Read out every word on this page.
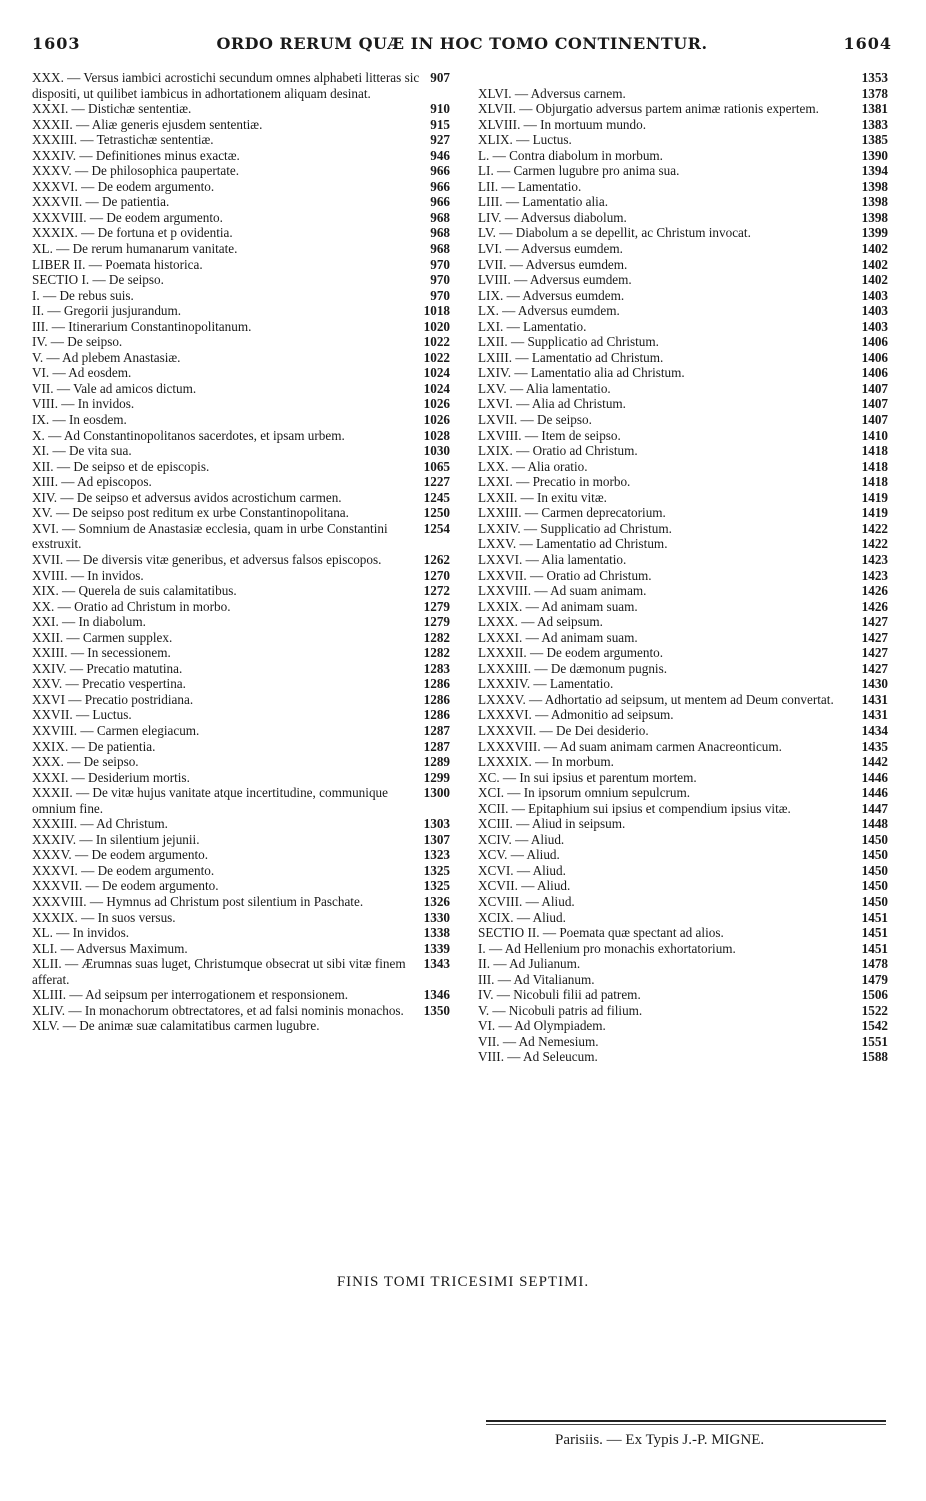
1603	ORDO RERUM QUÆ IN HOC TOMO CONTINENTUR.	1604
907
XXX. — Versus iambici acrostichi secundum omnes alphabeti litteras sic dispositi, ut quilibet iambicus in adhortationem aliquam desinat.
910
XXXI. — Distichæ sententiæ.
915
XXXII. — Aliæ generis ejusdem sententiæ.
927
XXXIII. — Tetrastichæ sententiæ.
946
XXXIV. — Definitiones minus exactæ.
966
XXXV. — De philosophica paupertate.
966
XXXVI. — De eodem argumento.
966
XXXVII. — De patientia.
968
XXXVIII. — De eodem argumento.
968
XXXIX. — De fortuna et p ovidentia.
968
XL. — De rerum humanarum vanitate.
970
LIBER II. — Poemata historica.
970
SECTIO I. — De seipso.
970
I. — De rebus suis.
1018
II. — Gregorii jusjurandum.
1020
III. — Itinerarium Constantinopolitanum.
1022
IV. — De seipso.
1022
V. — Ad plebem Anastasiæ.
1024
VI. — Ad eosdem.
1024
VII. — Vale ad amicos dictum.
1026
VIII. — In invidos.
1026
IX. — In eosdem.
1028
X. — Ad Constantinopolitanos sacerdotes, et ipsam urbem.
1030
XI. — De vita sua.
1065
XII. — De seipso et de episcopis.
1227
XIII. — Ad episcopos.
1245
XIV. — De seipso et adversus avidos acrostichum carmen.
1250
XV. — De seipso post reditum ex urbe Constantinopolitana.
1254
XVI. — Somnium de Anastasiæ ecclesia, quam in urbe Constantini exstruxit.
1262
XVII. — De diversis vitæ generibus, et adversus falsos episcopos.
1270
XVIII. — In invidos.
1272
XIX. — Querela de suis calamitatibus.
1279
XX. — Oratio ad Christum in morbo.
1279
XXI. — In diabolum.
1282
XXII. — Carmen supplex.
1282
XXIII. — In secessionem.
1283
XXIV. — Precatio matutina.
1286
XXV. — Precatio vespertina.
1286
XXVI — Precatio postridiana.
1286
XXVII. — Luctus.
1287
XXVIII. — Carmen elegiacum.
1287
XXIX. — De patientia.
1289
XXX. — De seipso.
1299
XXXI. — Desiderium mortis.
1300
XXXII. — De vitæ hujus vanitate atque incertitudine, communique omnium fine.
1303
XXXIII. — Ad Christum.
1307
XXXIV. — In silentium jejunii.
1323
XXXV. — De eodem argumento.
1325
XXXVI. — De eodem argumento.
1325
XXXVII. — De eodem argumento.
1326
XXXVIII. — Hymnus ad Christum post silentium in Paschate.
1330
XXXIX. — In suos versus.
1338
XL. — In invidos.
1339
XLI. — Adversus Maximum.
1343
XLII. — Ærumnas suas luget, Christumque obsecrat ut sibi vitæ finem afferat.
1346
XLIII. — Ad seipsum per interrogationem et responsionem.
1350
XLIV. — In monachorum obtrectatores, et ad falsi nominis monachos.
XLV. — De animæ suæ calamitatibus carmen lugubre.
1353
1378
XLVI. — Adversus carnem.
1381
XLVII. — Objurgatio adversus partem animæ rationis expertem.
1383
XLVIII. — In mortuum mundo.
1385
XLIX. — Luctus.
1390
L. — Contra diabolum in morbum.
1394
LI. — Carmen lugubre pro anima sua.
1398
LII. — Lamentatio.
1398
LIII. — Lamentatio alia.
1398
LIV. — Adversus diabolum.
1399
LV. — Diabolum a se depellit, ac Christum invocat.
1402
LVI. — Adversus eumdem.
1402
LVII. — Adversus eumdem.
1402
LVIII. — Adversus eumdem.
1403
LIX. — Adversus eumdem.
1403
LX. — Adversus eumdem.
1403
LXI. — Lamentatio.
1406
LXII. — Supplicatio ad Christum.
1406
LXIII. — Lamentatio ad Christum.
1406
LXIV. — Lamentatio alia ad Christum.
1407
LXV. — Alia lamentatio.
1407
LXVI. — Alia ad Christum.
1407
LXVII. — De seipso.
1410
LXVIII. — Item de seipso.
1418
LXIX. — Oratio ad Christum.
1418
LXX. — Alia oratio.
1418
LXXI. — Precatio in morbo.
1419
LXXII. — In exitu vitæ.
1419
LXXIII. — Carmen deprecatorium.
1422
LXXIV. — Supplicatio ad Christum.
1422
LXXV. — Lamentatio ad Christum.
1423
LXXVI. — Alia lamentatio.
1423
LXXVII. — Oratio ad Christum.
1426
LXXVIII. — Ad suam animam.
1426
LXXIX. — Ad animam suam.
1427
LXXX. — Ad seipsum.
1427
LXXXI. — Ad animam suam.
1427
LXXXII. — De eodem argumento.
1427
LXXXIII. — De dæmonum pugnis.
1430
LXXXIV. — Lamentatio.
1431
LXXXV. — Adhortatio ad seipsum, ut mentem ad Deum convertat.
1431
LXXXVI. — Admonitio ad seipsum.
1434
LXXXVII. — De Dei desiderio.
1435
LXXXVIII. — Ad suam animam carmen Anacreonticum.
1442
LXXXIX. — In morbum.
1446
XC. — In sui ipsius et parentum mortem.
1446
XCI. — In ipsorum omnium sepulcrum.
1447
XCII. — Epitaphium sui ipsius et compendium ipsius vitæ.
1448
XCIII. — Aliud in seipsum.
1450
XCIV. — Aliud.
1450
XCV. — Aliud.
1450
XCVI. — Aliud.
1450
XCVII. — Aliud.
1450
XCVIII. — Aliud.
1451
XCIX. — Aliud.
1451
SECTIO II. — Poemata quæ spectant ad alios.
1451
I. — Ad Hellenium pro monachis exhortatorium.
1478
II. — Ad Julianum.
1479
III. — Ad Vitalianum.
1506
IV. — Nicobuli filii ad patrem.
1522
V. — Nicobuli patris ad filium.
1542
VI. — Ad Olympiadem.
1551
VII. — Ad Nemesium.
1588
VIII. — Ad Seleucum.
FINIS TOMI TRICESIMI SEPTIMI.
Parisiis. — Ex Typis J.-P. MIGNE.
